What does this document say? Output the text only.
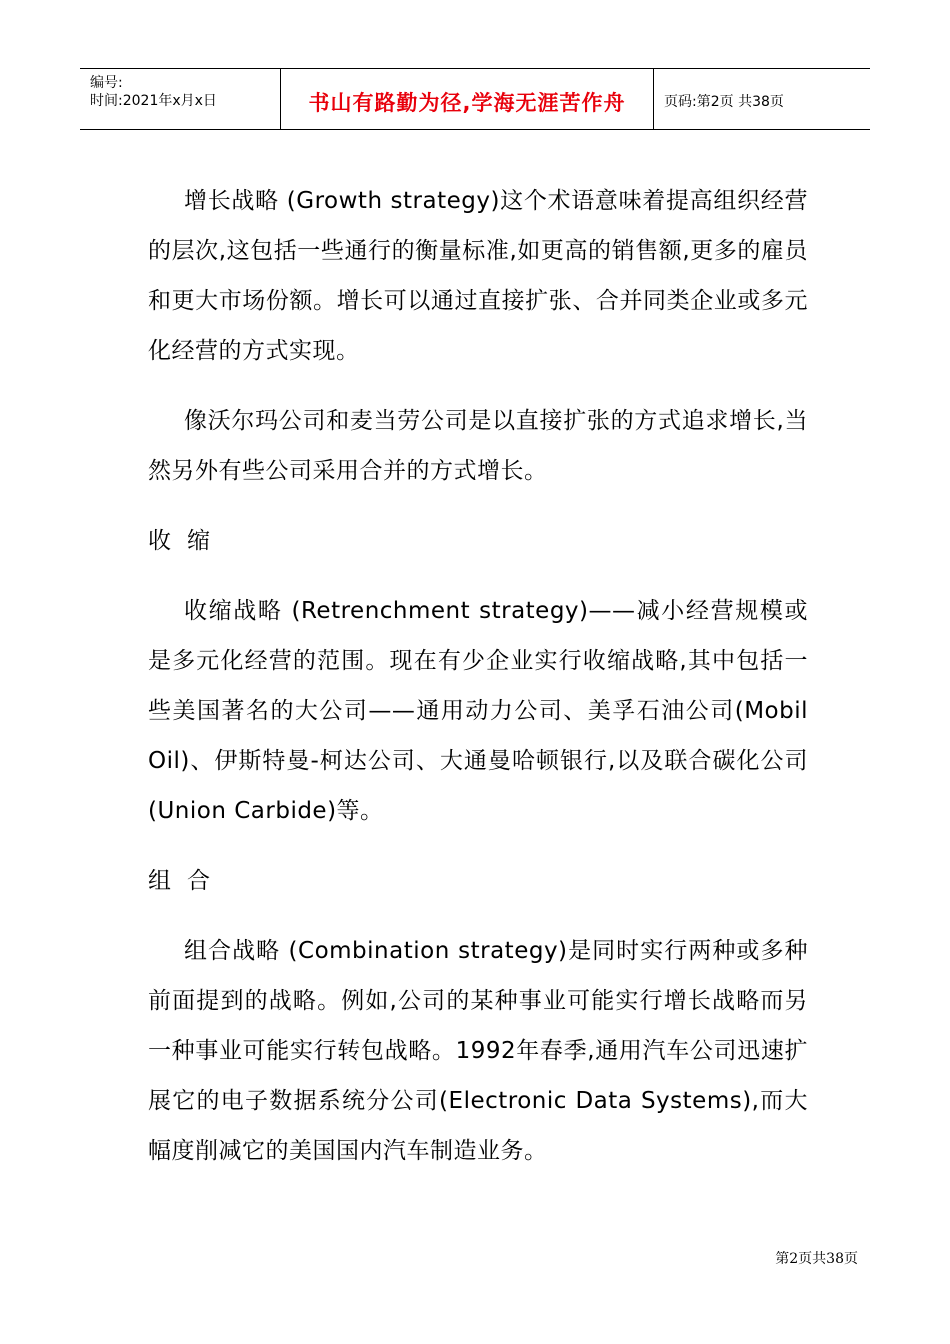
编号:
时间:2021年x月x日	书山有路勤为径,学海无涯苦作舟	页码:第2页 共38页

增长战略 (Growth strategy)这个术语意味着提高组织经营的层次,这包括一些通行的衡量标准,如更高的销售额,更多的雇员和更大市场份额。增长可以通过直接扩张、合并同类企业或多元化经营的方式实现。

像沃尔玛公司和麦当劳公司是以直接扩张的方式追求增长,当然另外有些公司采用合并的方式增长。

收缩

收缩战略 (Retrenchment strategy)——减小经营规模或是多元化经营的范围。现在有少企业实行收缩战略,其中包括一些美国著名的大公司——通用动力公司、美孚石油公司(Mobil Oil)、伊斯特曼-柯达公司、大通曼哈顿银行,以及联合碳化公司(Union Carbide)等。

组合

组合战略 (Combination strategy)是同时实行两种或多种前面提到的战略。例如,公司的某种事业可能实行增长战略而另一种事业可能实行转包战略。1992年春季,通用汽车公司迅速扩展它的电子数据系统分公司(Electronic Data Systems),而大幅度削减它的美国国内汽车制造业务。

第2页共38页
